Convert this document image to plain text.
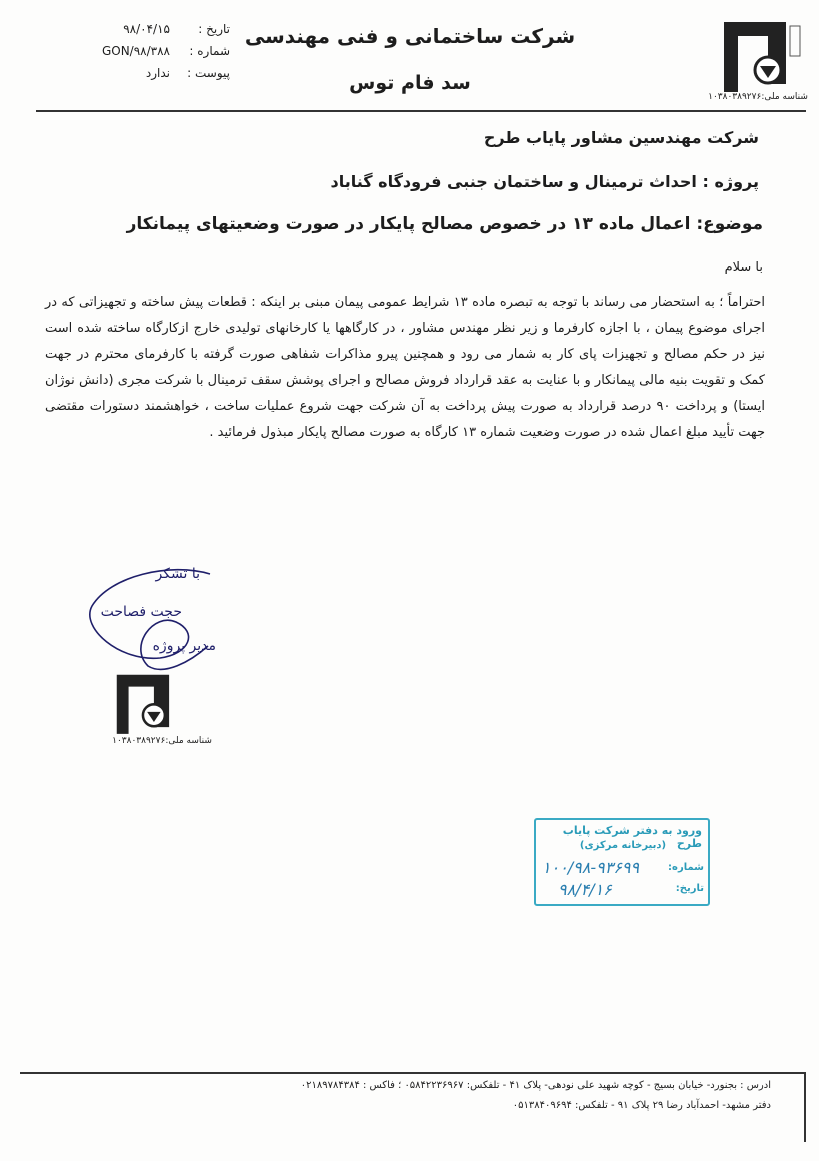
تاریخ :
۹۸/۰۴/۱۵
شماره :
GON/۹۸/۳۸۸
پیوست :
ندارد
شرکت ساختمانی و فنی مهندسی
سد فام توس
شناسه ملی:۱۰۳۸۰۳۸۹۲۷۶
شرکت مهندسین مشاور پایاب طرح
پروژه : احداث ترمینال و ساختمان جنبی فرودگاه گناباد
موضوع: اعمال ماده ۱۳ در خصوص مصالح پایکار در صورت وضعیتهای پیمانکار
با سلام
احتراماً ؛ به استحضار می رساند با توجه به تبصره ماده ۱۳ شرایط عمومی پیمان مبنی بر اینکه : قطعات پیش ساخته و تجهیزاتی که در اجرای موضوع پیمان ، با اجازه کارفرما و زیر نظر مهندس مشاور ، در کارگاهها یا کارخانهای تولیدی خارج ازکارگاه ساخته شده است نیز در حکم مصالح و تجهیزات پای کار به شمار می رود و همچنین پیرو مذاکرات شفاهی صورت گرفته با کارفرمای محترم در جهت کمک و تقویت بنیه مالی پیمانکار و با عنایت به عقد قرارداد فروش مصالح و اجرای پوشش سقف ترمینال با شرکت مجری (دانش نوژان ایستا) و پرداخت ۹۰ درصد قرارداد به صورت پیش پرداخت به آن شرکت جهت شروع عملیات ساخت ، خواهشمند دستورات مقتضی جهت تأیید مبلغ اعمال شده در صورت وضعیت شماره ۱۳ کارگاه به صورت مصالح پایکار مبذول فرمائید .
با تشکر
حجت فصاحت
مدیر پروژه
شناسه ملی:۱۰۳۸۰۳۸۹۲۷۶
ورود به دفتر شرکت پایاب طرح
(دبیرخانه مرکزی)
شماره:
۱۰۰/۹۸-۹۳۶۹۹
تاریخ:
۹۸/۴/۱۶
ادرس : بجنورد- خیابان بسیج - کوچه شهید علی نودهی- پلاک ۴۱ - تلفکس: ۰۵۸۴۲۲۳۶۹۶۷ ؛ فاکس : ۰۲۱۸۹۷۸۴۳۸۴
دفتر مشهد- احمدآباد رضا ۲۹ پلاک ۹۱ - تلفکس: ۰۵۱۳۸۴۰۹۶۹۴
